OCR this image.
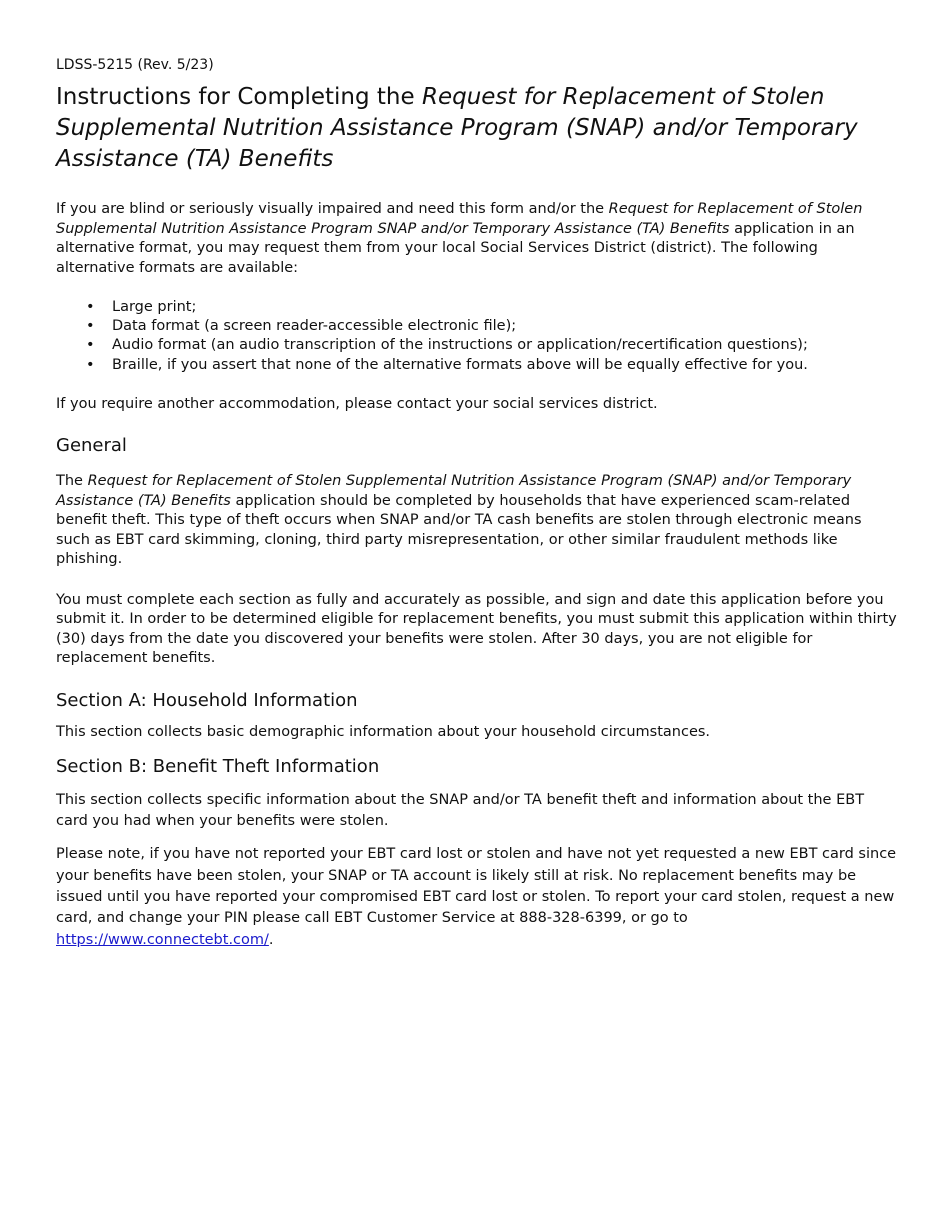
LDSS-5215 (Rev. 5/23)

Instructions for Completing the Request for Replacement of Stolen Supplemental Nutrition Assistance Program (SNAP) and/or Temporary Assistance (TA) Benefits

If you are blind or seriously visually impaired and need this form and/or the Request for Replacement of Stolen Supplemental Nutrition Assistance Program SNAP and/or Temporary Assistance (TA) Benefits application in an alternative format, you may request them from your local Social Services District (district). The following alternative formats are available:

• Large print;
• Data format (a screen reader-accessible electronic file);
• Audio format (an audio transcription of the instructions or application/recertification questions);
• Braille, if you assert that none of the alternative formats above will be equally effective for you.

If you require another accommodation, please contact your social services district.

General

The Request for Replacement of Stolen Supplemental Nutrition Assistance Program (SNAP) and/or Temporary Assistance (TA) Benefits application should be completed by households that have experienced scam-related benefit theft. This type of theft occurs when SNAP and/or TA cash benefits are stolen through electronic means such as EBT card skimming, cloning, third party misrepresentation, or other similar fraudulent methods like phishing.

You must complete each section as fully and accurately as possible, and sign and date this application before you submit it. In order to be determined eligible for replacement benefits, you must submit this application within thirty (30) days from the date you discovered your benefits were stolen. After 30 days, you are not eligible for replacement benefits.

Section A: Household Information

This section collects basic demographic information about your household circumstances.

Section B: Benefit Theft Information

This section collects specific information about the SNAP and/or TA benefit theft and information about the EBT card you had when your benefits were stolen.

Please note, if you have not reported your EBT card lost or stolen and have not yet requested a new EBT card since your benefits have been stolen, your SNAP or TA account is likely still at risk. No replacement benefits may be issued until you have reported your compromised EBT card lost or stolen. To report your card stolen, request a new card, and change your PIN please call EBT Customer Service at 888-328-6399, or go to https://www.connectebt.com/.
